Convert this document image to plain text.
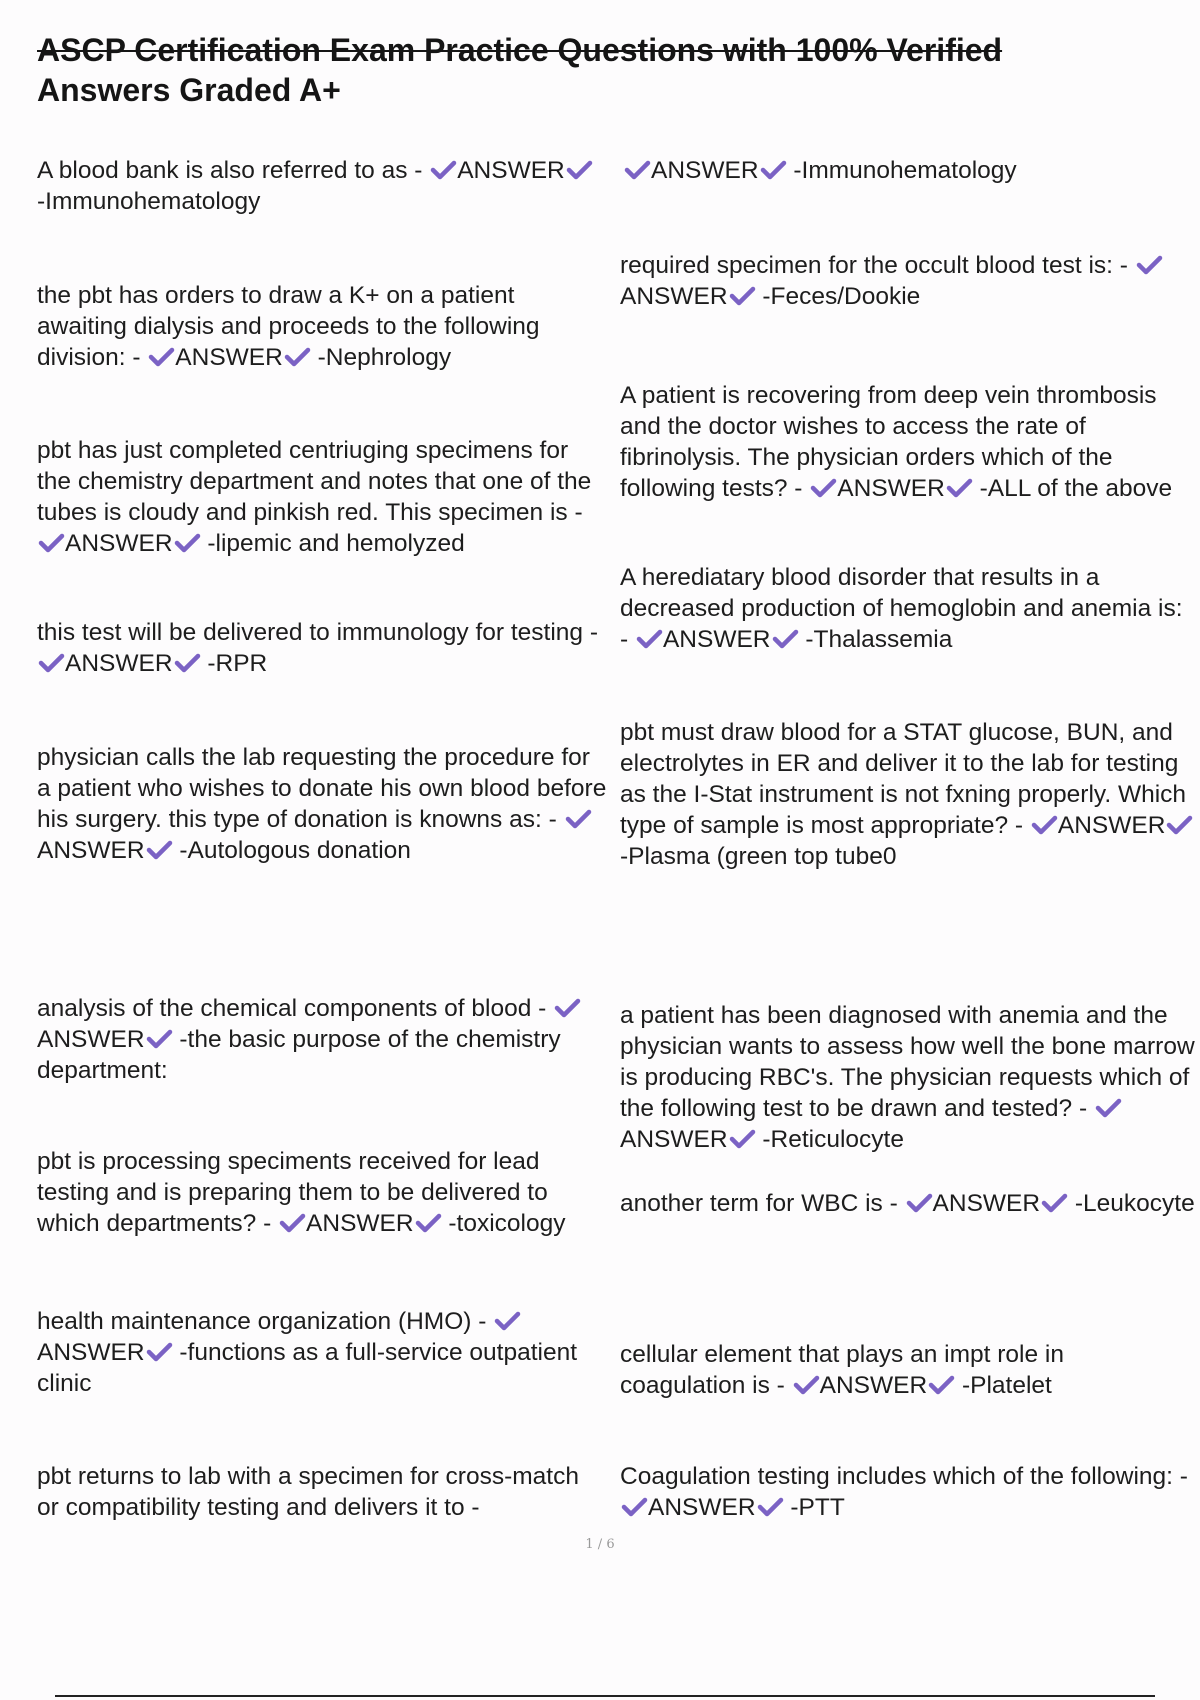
ASCP Certification Exam Practice Questions with 100% Verified
Answers Graded A+
A blood bank is also referred to as -
ANSWER
-Immunohematology
the pbt has orders to draw a K+ on a patient awaiting dialysis and proceeds to the following division: -
ANSWER
-Nephrology
pbt has just completed centriuging specimens for the chemistry department and notes that one of the tubes is cloudy and pinkish red. This specimen is -
ANSWER
-lipemic and hemolyzed
this test will be delivered to immunology for testing -
ANSWER
-RPR
physician calls the lab requesting the procedure for a patient who wishes to donate his own blood before his surgery. this type of donation is knowns as: -
ANSWER
-Autologous donation
analysis of the chemical components of blood -
ANSWER
-the basic purpose of the chemistry department:
pbt is processing speciments received for lead testing and is preparing them to be delivered to which departments? -
ANSWER
-toxicology
health maintenance organization (HMO) -
ANSWER
-functions as a full-service outpatient clinic
pbt returns to lab with a specimen for cross-match or compatibility testing and delivers it to -
ANSWER
-Immunohematology
required specimen for the occult blood test is: -
ANSWER
-Feces/Dookie
A patient is recovering from deep vein thrombosis and the doctor wishes to access the rate of fibrinolysis. The physician orders which of the following tests? -
ANSWER
-ALL of the above
A herediatary blood disorder that results in a decreased production of hemoglobin and anemia is: -
ANSWER
-Thalassemia
pbt must draw blood for a STAT glucose, BUN, and electrolytes in ER and deliver it to the lab for testing as the I-Stat instrument is not fxning properly. Which type of sample is most appropriate? -
ANSWER
-Plasma (green top tube0
a patient has been diagnosed with anemia and the physician wants to assess how well the bone marrow is producing RBC's. The physician requests which of the following test to be drawn and tested? -
ANSWER
-Reticulocyte
another term for WBC is -
ANSWER
-Leukocyte
cellular element that plays an impt role in coagulation is -
ANSWER
-Platelet
Coagulation testing includes which of the following: -
ANSWER
-PTT
1 / 6
